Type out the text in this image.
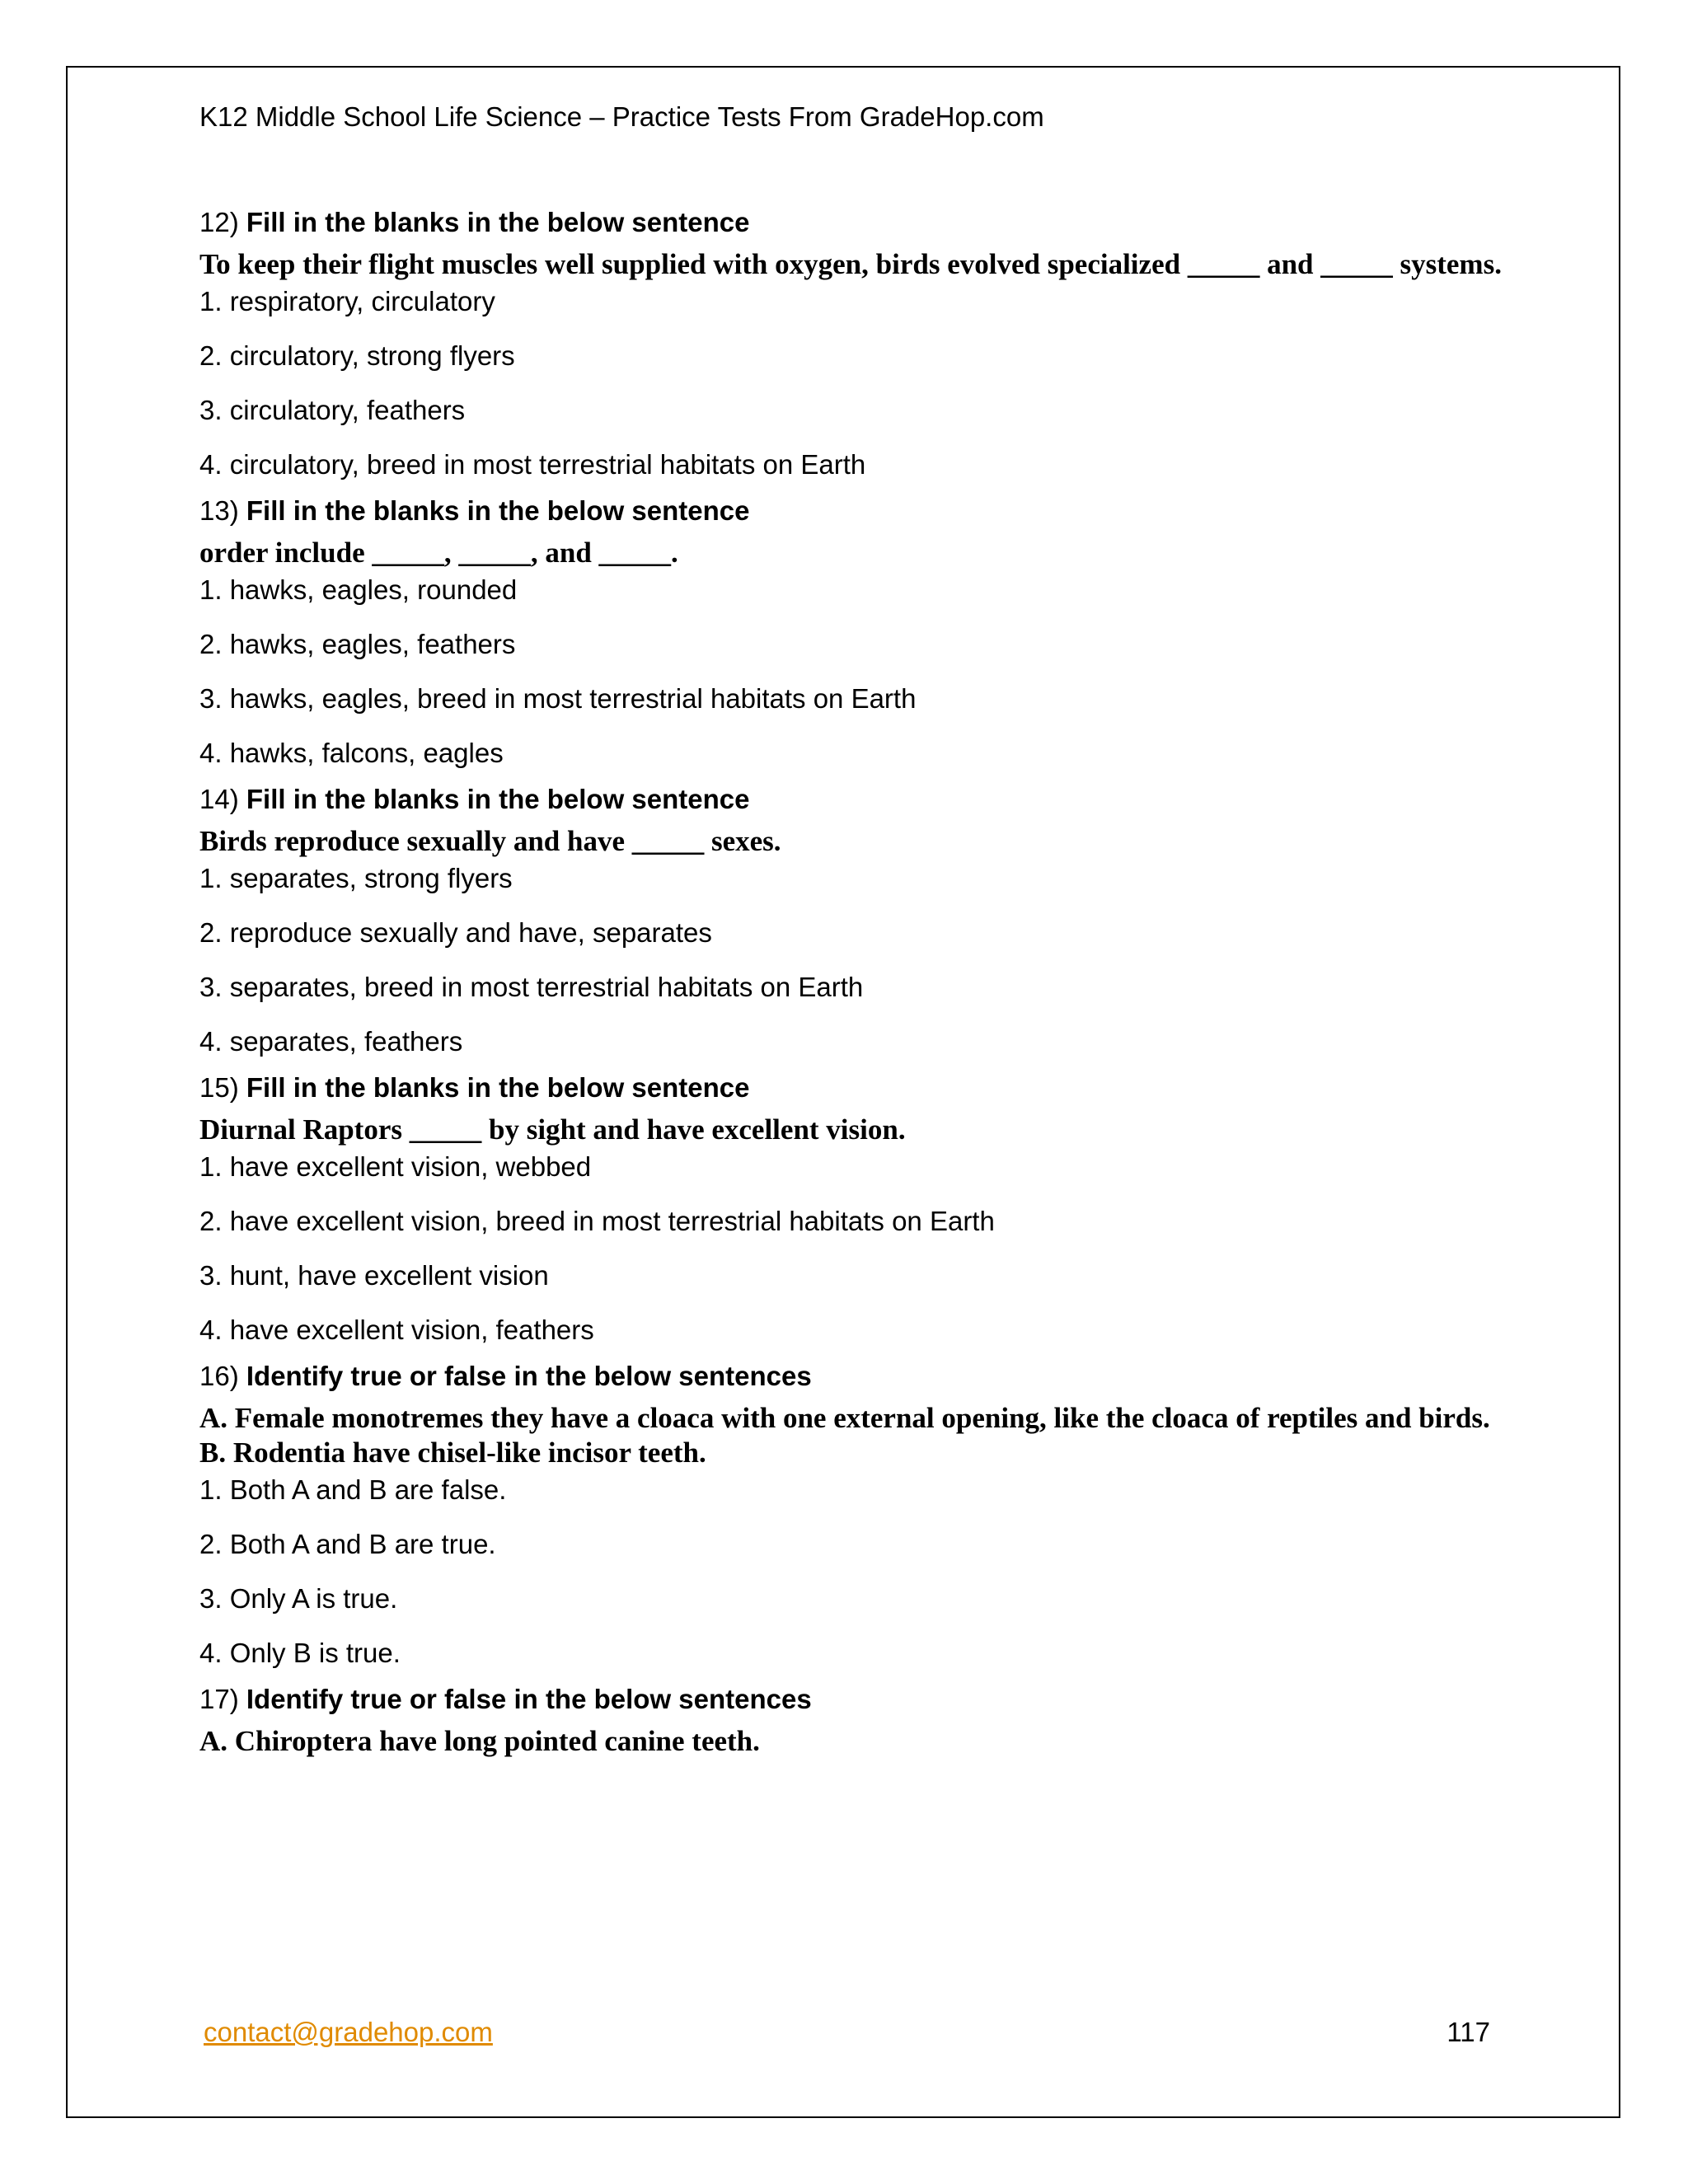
K12 Middle School Life Science – Practice Tests From GradeHop.com

12) Fill in the blanks in the below sentence

To keep their flight muscles well supplied with oxygen, birds evolved specialized _____ and _____ systems.

1. respiratory, circulatory
2. circulatory, strong flyers
3. circulatory, feathers
4. circulatory, breed in most terrestrial habitats on Earth

13) Fill in the blanks in the below sentence

order include _____, _____, and _____.

1. hawks, eagles, rounded
2. hawks, eagles, feathers
3. hawks, eagles, breed in most terrestrial habitats on Earth
4. hawks, falcons, eagles

14) Fill in the blanks in the below sentence

Birds reproduce sexually and have _____ sexes.

1. separates, strong flyers
2. reproduce sexually and have, separates
3. separates, breed in most terrestrial habitats on Earth
4. separates, feathers

15) Fill in the blanks in the below sentence

Diurnal Raptors _____ by sight and have excellent vision.

1. have excellent vision, webbed
2. have excellent vision, breed in most terrestrial habitats on Earth
3. hunt, have excellent vision
4. have excellent vision, feathers

16) Identify true or false in the below sentences

A. Female monotremes they have a cloaca with one external opening, like the cloaca of reptiles and birds.

B. Rodentia have chisel-like incisor teeth.

1. Both A and B are false.
2. Both A and B are true.
3. Only A is true.
4. Only B is true.

17) Identify true or false in the below sentences

A. Chiroptera have long pointed canine teeth.

contact@gradehop.com	117
